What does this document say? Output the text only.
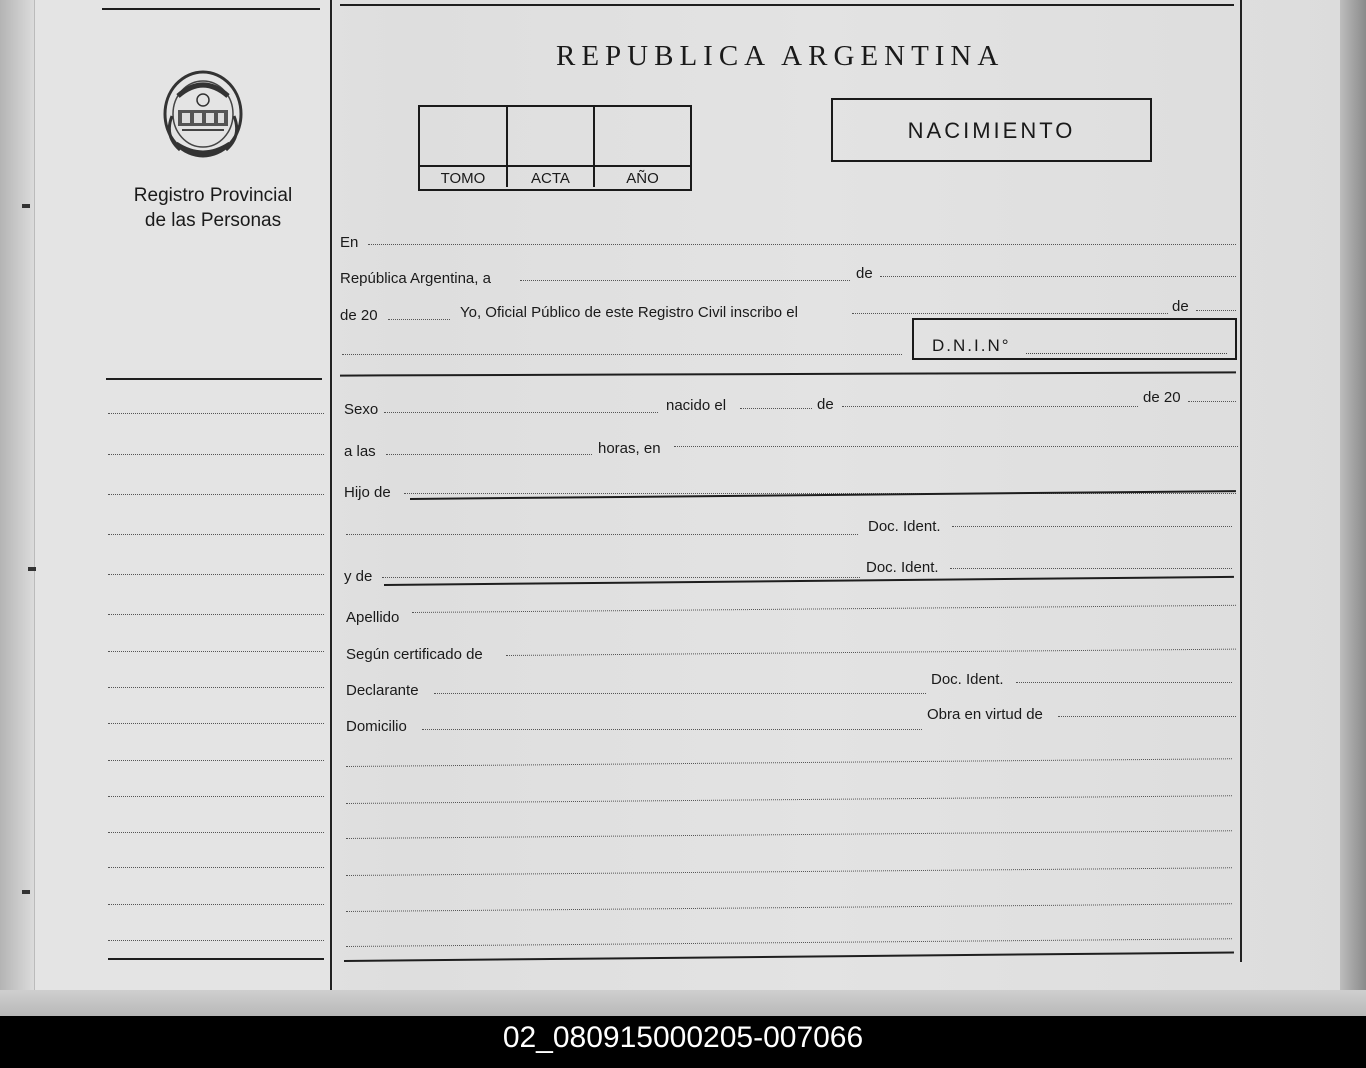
Registro Provincial
de las Personas
REPUBLICA ARGENTINA
TOMO	ACTA	AÑO
NACIMIENTO
En
República Argentina, a	de
de 20	Yo, Oficial Público de este Registro Civil inscribo el	de
D.N.I.N°
Sexo	nacido el	de	de 20
a las	horas, en
Hijo de
Doc. Ident.
y de
Doc. Ident.
Apellido
Según certificado de
Declarante
Doc. Ident.
Domicilio
Obra en virtud de
02_080915000205-007066
